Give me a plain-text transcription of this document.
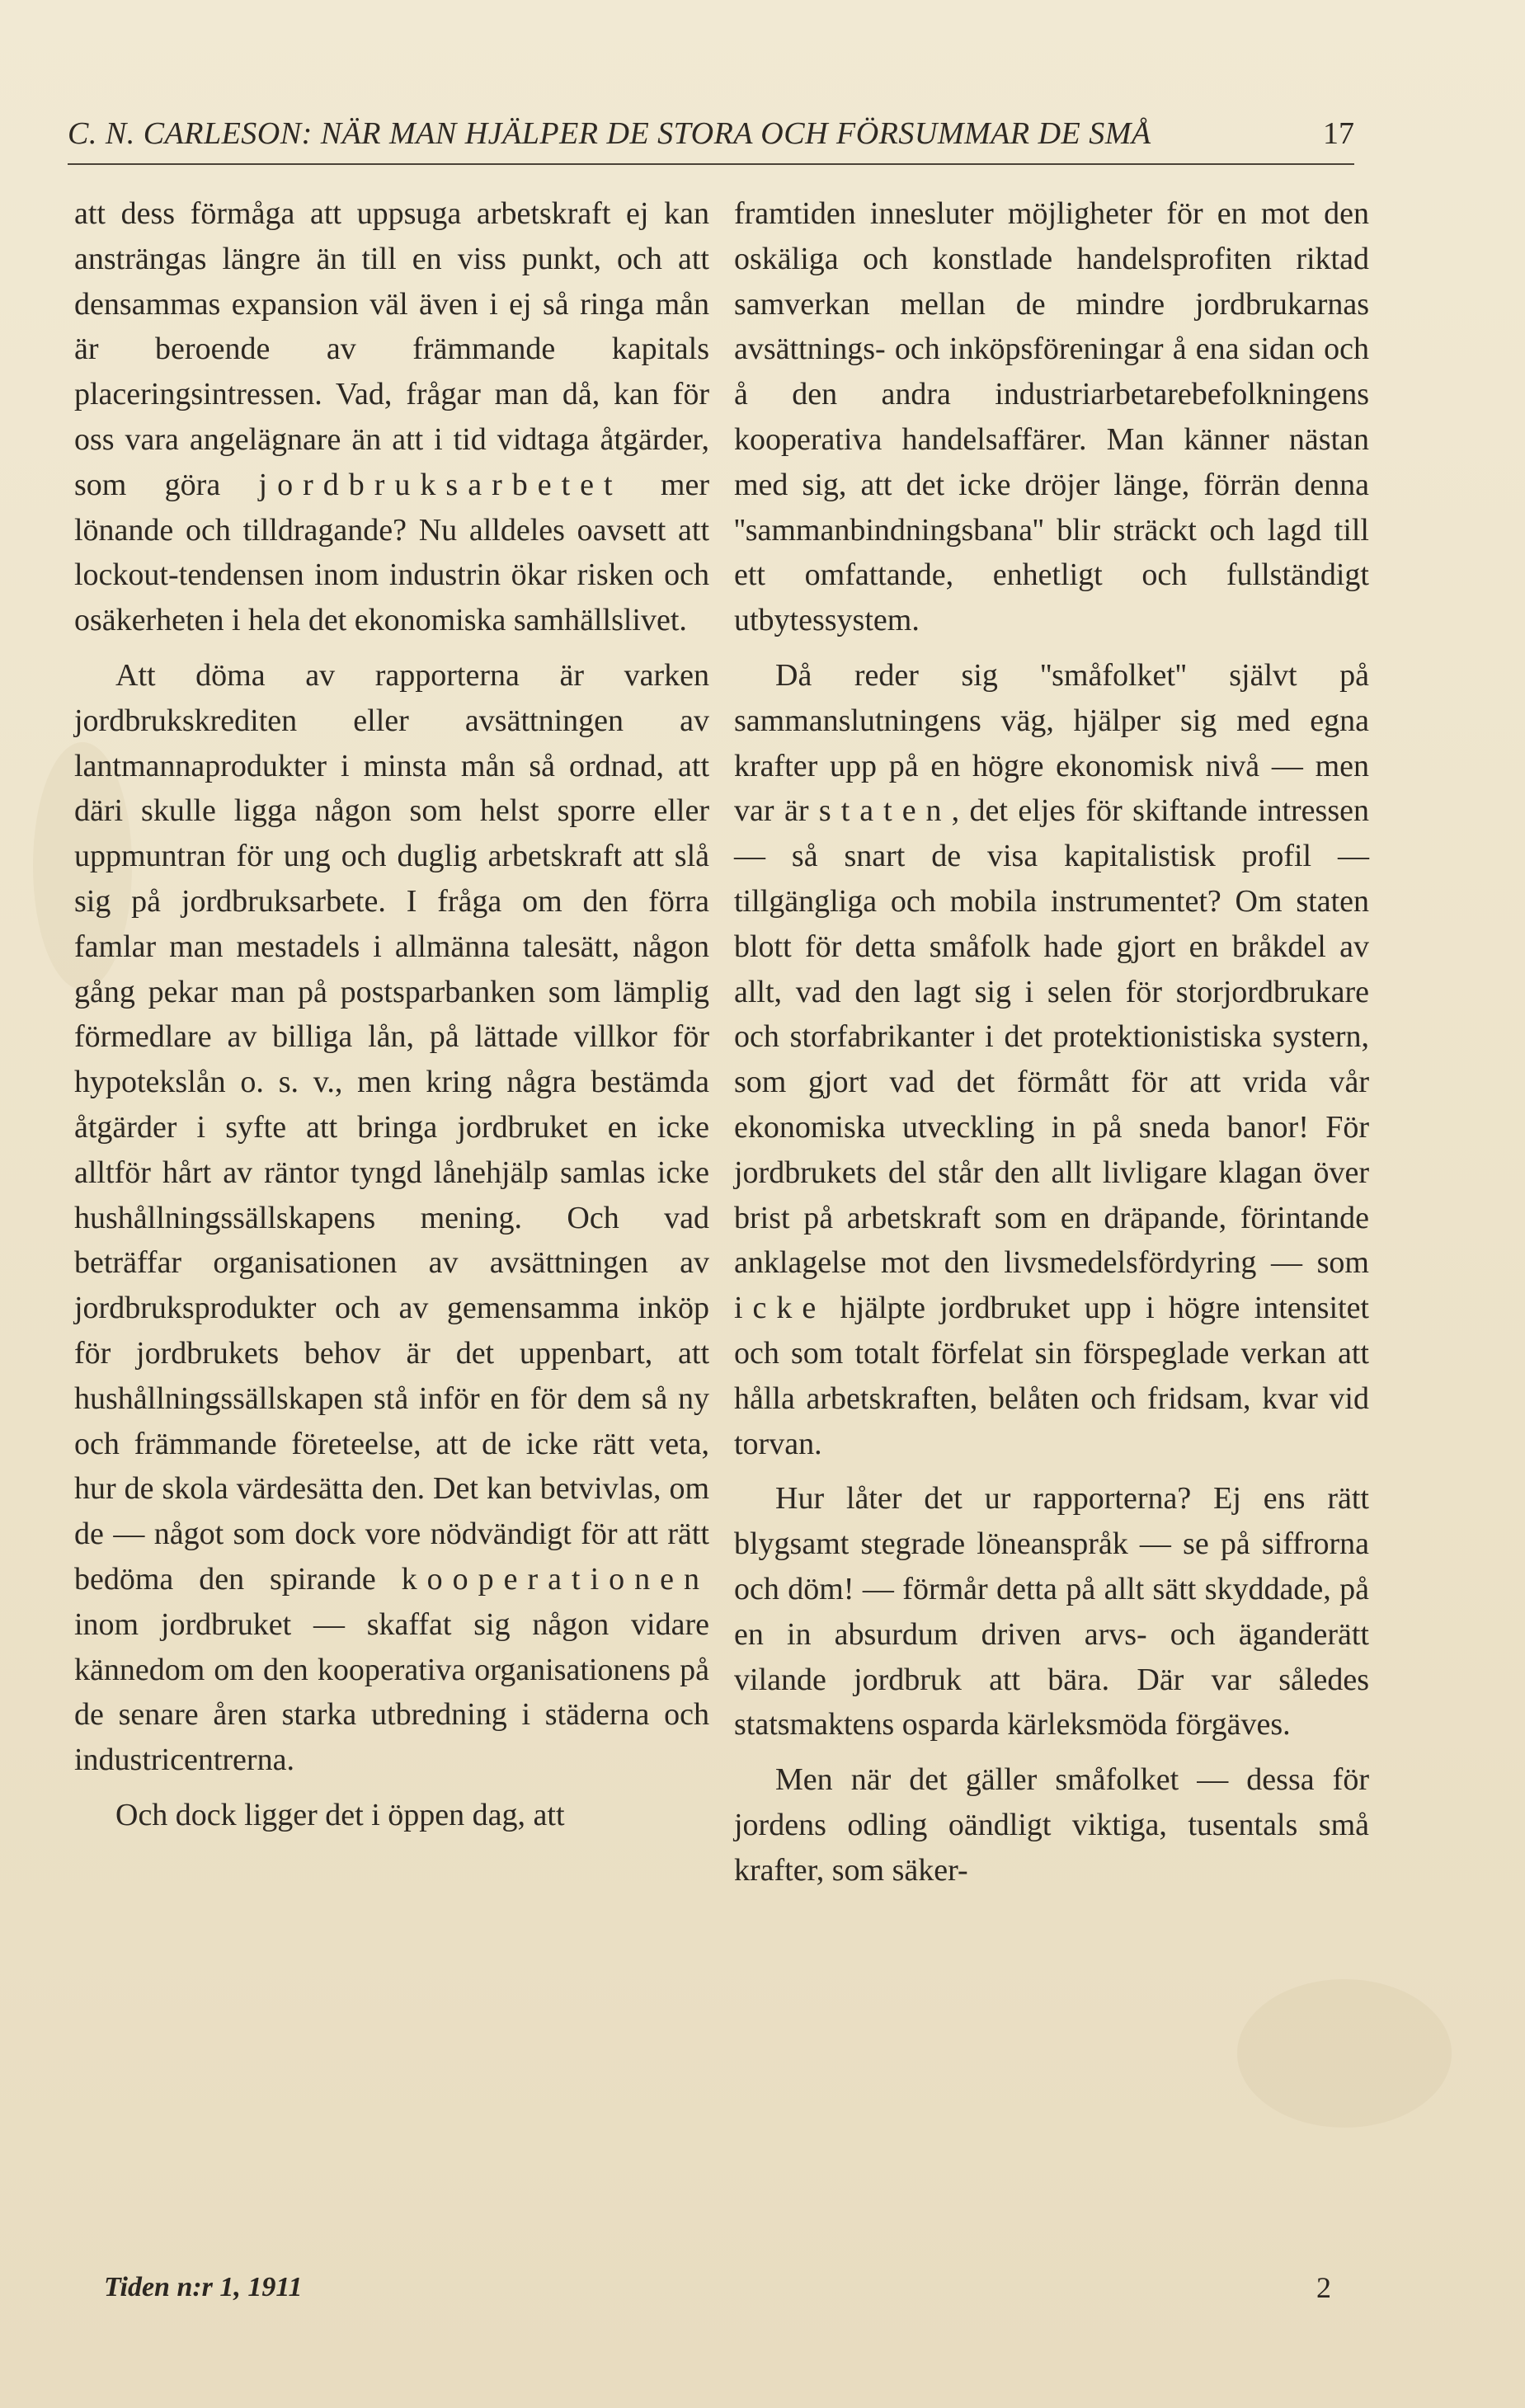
C. N. CARLESON: NÄR MAN HJÄLPER DE STORA OCH FÖRSUMMAR DE SMÅ	17

att dess förmåga att uppsuga arbetskraft ej kan ansträngas längre än till en viss punkt, och att densammas expansion väl även i ej så ringa mån är beroende av främmande kapitals placeringsintressen. Vad, frågar man då, kan för oss vara angelägnare än att i tid vidtaga åtgärder, som göra jordbruksarbetet mer lönande och tilldragande? Nu alldeles oavsett att lockout-tendensen inom industrin ökar risken och osäkerheten i hela det ekonomiska samhällslivet.

Att döma av rapporterna är varken jordbrukskrediten eller avsättningen av lantmannaprodukter i minsta mån så ordnad, att däri skulle ligga någon som helst sporre eller uppmuntran för ung och duglig arbetskraft att slå sig på jordbruksarbete. I fråga om den förra famlar man mestadels i allmänna talesätt, någon gång pekar man på postsparbanken som lämplig förmedlare av billiga lån, på lättade villkor för hypotekslån o. s. v., men kring några bestämda åtgärder i syfte att bringa jordbruket en icke alltför hårt av räntor tyngd lånehjälp samlas icke hushållningssällskapens mening. Och vad beträffar organisationen av avsättningen av jordbruksprodukter och av gemensamma inköp för jordbrukets behov är det uppenbart, att hushållningssällskapen stå inför en för dem så ny och främmande företeelse, att de icke rätt veta, hur de skola värdesätta den. Det kan betvivlas, om de — något som dock vore nödvändigt för att rätt bedöma den spirande kooperationen inom jordbruket — skaffat sig någon vidare kännedom om den kooperativa organisationens på de senare åren starka utbredning i städerna och industricentrerna.

Och dock ligger det i öppen dag, att

framtiden innesluter möjligheter för en mot den oskäliga och konstlade handelsprofiten riktad samverkan mellan de mindre jordbrukarnas avsättnings- och inköpsföreningar å ena sidan och å den andra industriarbetarebefolkningens kooperativa handelsaffärer. Man känner nästan med sig, att det icke dröjer länge, förrän denna ''sammanbindningsbana'' blir sträckt och lagd till ett omfattande, enhetligt och fullständigt utbytessystem.

Då reder sig ''småfolket'' självt på sammanslutningens väg, hjälper sig med egna krafter upp på en högre ekonomisk nivå — men var är staten, det eljes för skiftande intressen — så snart de visa kapitalistisk profil — tillgängliga och mobila instrumentet? Om staten blott för detta småfolk hade gjort en bråkdel av allt, vad den lagt sig i selen för storjordbrukare och storfabrikanter i det protektionistiska systern, som gjort vad det förmått för att vrida vår ekonomiska utveckling in på sneda banor! För jordbrukets del står den allt livligare klagan över brist på arbetskraft som en dräpande, förintande anklagelse mot den livsmedelsfördyring — som icke hjälpte jordbruket upp i högre intensitet och som totalt förfelat sin förspeglade verkan att hålla arbetskraften, belåten och fridsam, kvar vid torvan.

Hur låter det ur rapporterna? Ej ens rätt blygsamt stegrade löneanspråk — se på siffrorna och döm! — förmår detta på allt sätt skyddade, på en in absurdum driven arvs- och äganderätt vilande jordbruk att bära. Där var således statsmaktens osparda kärleksmöda förgäves.

Men när det gäller småfolket — dessa för jordens odling oändligt viktiga, tusentals små krafter, som säker-

Tiden n:r 1, 1911	2
